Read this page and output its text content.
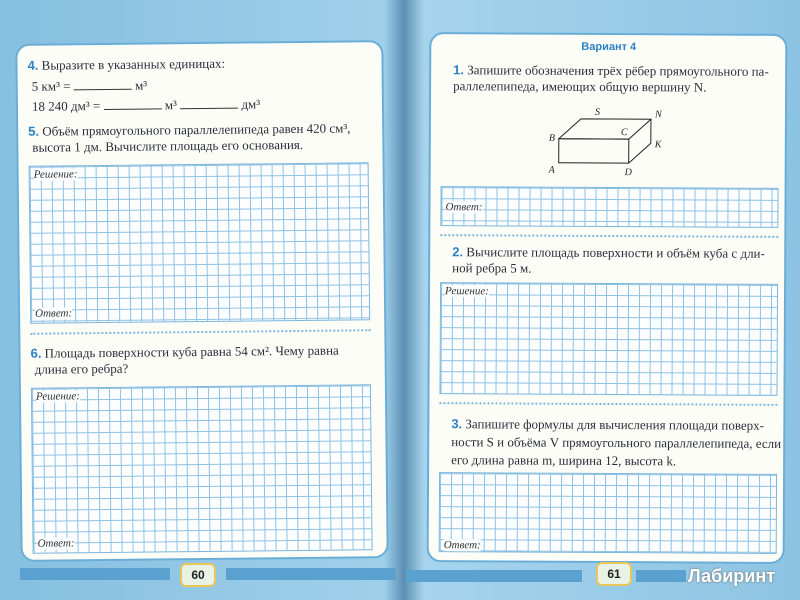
4. Выразите в указанных единицах:
5 км³ =	м³
18 240 дм³ =	м³	дм³
5. Объём прямоугольного параллелепипеда равен 420 см³,
высота 1 дм. Вычислите площадь его основания.
Решение:
Ответ:
6. Площадь поверхности куба равна 54 см². Чему равна
длина его ребра?
Решение:
Ответ:
60
Вариант 4
1. Запишите обозначения трёх рёбер прямоугольного па-
раллелепипеда, имеющих общую вершину N.
S	N
B
C
K
A	D
Ответ:
2. Вычислите площадь поверхности и объём куба с дли-
ной ребра 5 м.
Решение:
3. Запишите формулы для вычисления площади поверх-
ности S и объёма V прямоугольного параллелепипеда, если
его длина равна m, ширина 12, высота k.
Ответ:
61	Лабиринт
